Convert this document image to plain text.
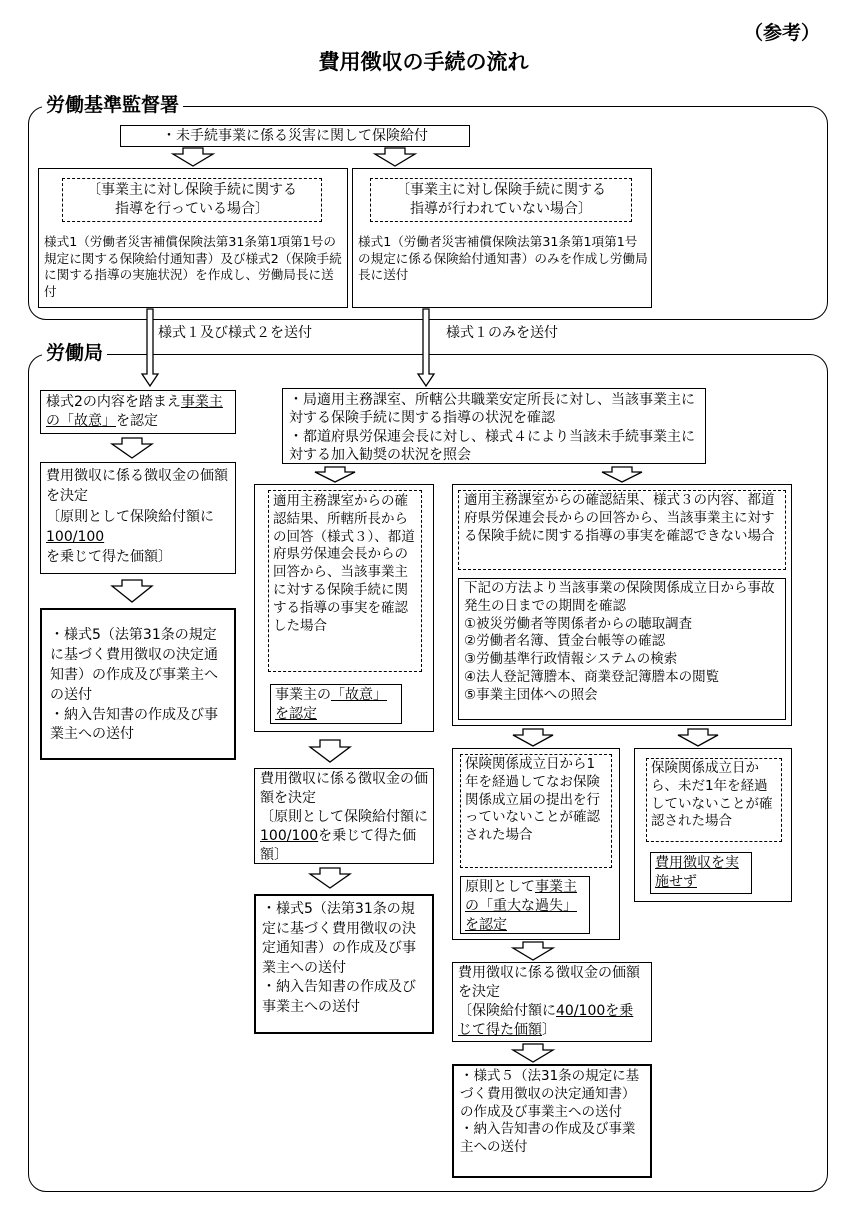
（参考）
費用徴収の手続の流れ
労働基準監督署
・未手続事業に係る災害に関して保険給付
〔事業主に対し保険手続に関する
指導を行っている場合〕
様式1（労働者災害補償保険法第31条第1項第1号の規定に関する保険給付通知書）及び様式2（保険手続に関する指導の実施状況）を作成し、労働局長に送付
〔事業主に対し保険手続に関する
指導が行われていない場合〕
様式1（労働者災害補償保険法第31条第1項第1号の規定に係る保険給付通知書）のみを作成し労働局長に送付
様式１及び様式２を送付	様式１のみを送付
労働局
様式2の内容を踏まえ事業主の「故意」を認定
費用徴収に係る徴収金の価額を決定
〔原則として保険給付額に100/100を乗じて得た価額〕
・様式5（法第31条の規定に基づく費用徴収の決定通知書）の作成及び事業主への送付
・納入告知書の作成及び事業主への送付
・局適用主務課室、所轄公共職業安定所長に対し、当該事業主に対する保険手続に関する指導の状況を確認
・都道府県労保連会長に対し、様式４により当該未手続事業主に対する加入勧奨の状況を照会
適用主務課室からの確認結果、所轄所長からの回答（様式３）、都道府県労保連会長からの回答から、当該事業主に対する保険手続に関する指導の事実を確認した場合
事業主の「故意」を認定
費用徴収に係る徴収金の価額を決定
〔原則として保険給付額に100/100を乗じて得た価額〕
・様式5（法第31条の規定に基づく費用徴収の決定通知書）の作成及び事業主への送付
・納入告知書の作成及び事業主への送付
適用主務課室からの確認結果、様式３の内容、都道府県労保連会長からの回答から、当該事業主に対する保険手続に関する指導の事実を確認できない場合
下記の方法より当該事業の保険関係成立日から事故発生の日までの期間を確認
①被災労働者等関係者からの聴取調査
②労働者名簿、賃金台帳等の確認
③労働基準行政情報システムの検索
④法人登記簿謄本、商業登記簿謄本の閲覧
⑤事業主団体への照会
保険関係成立日から1年を経過してなお保険関係成立届の提出を行っていないことが確認された場合
原則として事業主の「重大な過失」を認定
費用徴収に係る徴収金の価額を決定
〔保険給付額に40/100を乗じて得た価額〕
・様式５（法31条の規定に基づく費用徴収の決定通知書）の作成及び事業主への送付
・納入告知書の作成及び事業主への送付
保険関係成立日から、未だ1年を経過していないことが確認された場合
費用徴収を実施せず
